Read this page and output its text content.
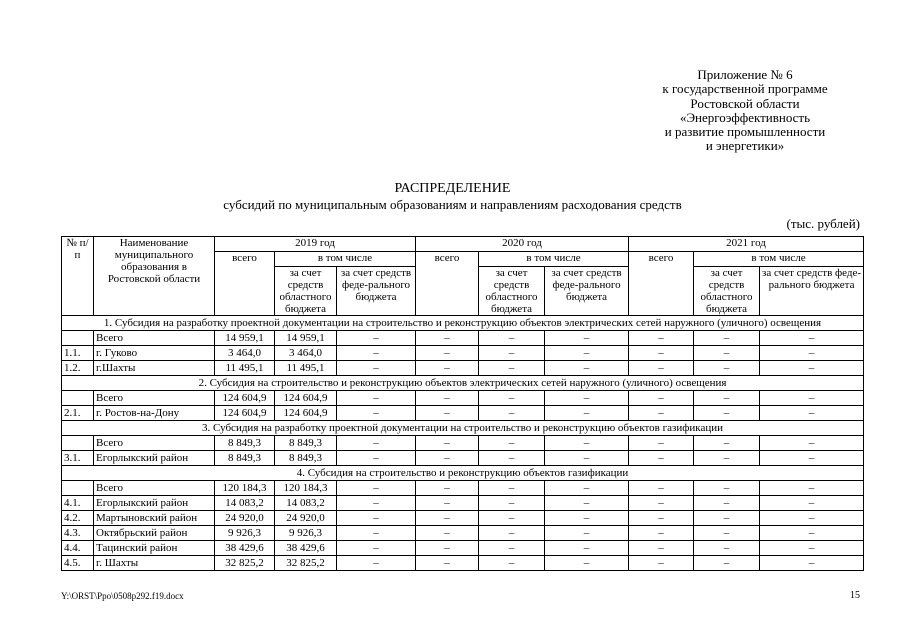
Приложение № 6
к государственной программе
Ростовской области
«Энергоэффективность
и развитие промышленности
и энергетики»
РАСПРЕДЕЛЕНИЕ
субсидий по муниципальным образованиям и направлениям расходования средств
(тыс. рублей)
№ п/п	Наименование муниципального образования в Ростовской области	2019 год			2020 год			2021 год		
		всего	в том числе		всего	в том числе		всего	в том числе	
			за счет средств областного бюджета	за счет средств феде-рального бюджета		за счет средств областного бюджета	за счет средств феде-рального бюджета		за счет средств областного бюджета	за счет средств феде-рального бюджета

1. Субсидия на разработку проектной документации на строительство и реконструкцию объектов электрических сетей наружного (уличного) освещения										
	Всего	14 959,1	14 959,1	–	–	–	–	–	–	–
1.1.	г. Гуково	3 464,0	3 464,0	–	–	–	–	–	–	–
1.2.	г.Шахты	11 495,1	11 495,1	–	–	–	–	–	–	–
2. Субсидия на строительство и реконструкцию объектов электрических сетей наружного (уличного) освещения										
	Всего	124 604,9	124 604,9	–	–	–	–	–	–	–
2.1.	г. Ростов-на-Дону	124 604,9	124 604,9	–	–	–	–	–	–	–
3. Субсидия на разработку проектной документации на строительство и реконструкцию объектов газификации										
	Всего	8 849,3	8 849,3	–	–	–	–	–	–	–
3.1.	Егорлыкский район	8 849,3	8 849,3	–	–	–	–	–	–	–
4. Субсидия на строительство и реконструкцию объектов газификации										
	Всего	120 184,3	120 184,3	–	–	–	–	–	–	–
4.1.	Егорлыкский район	14 083,2	14 083,2	–	–	–	–	–	–	–
4.2.	Мартыновский район	24 920,0	24 920,0	–	–	–	–	–	–	–
4.3.	Октябрьский район	9 926,3	9 926,3	–	–	–	–	–	–	–
4.4.	Тацинский район	38 429,6	38 429,6	–	–	–	–	–	–	–
4.5.	г. Шахты	32 825,2	32 825,2	–	–	–	–	–	–	–
Y:\ORST\Ppo\0508p292.f19.docx	15
